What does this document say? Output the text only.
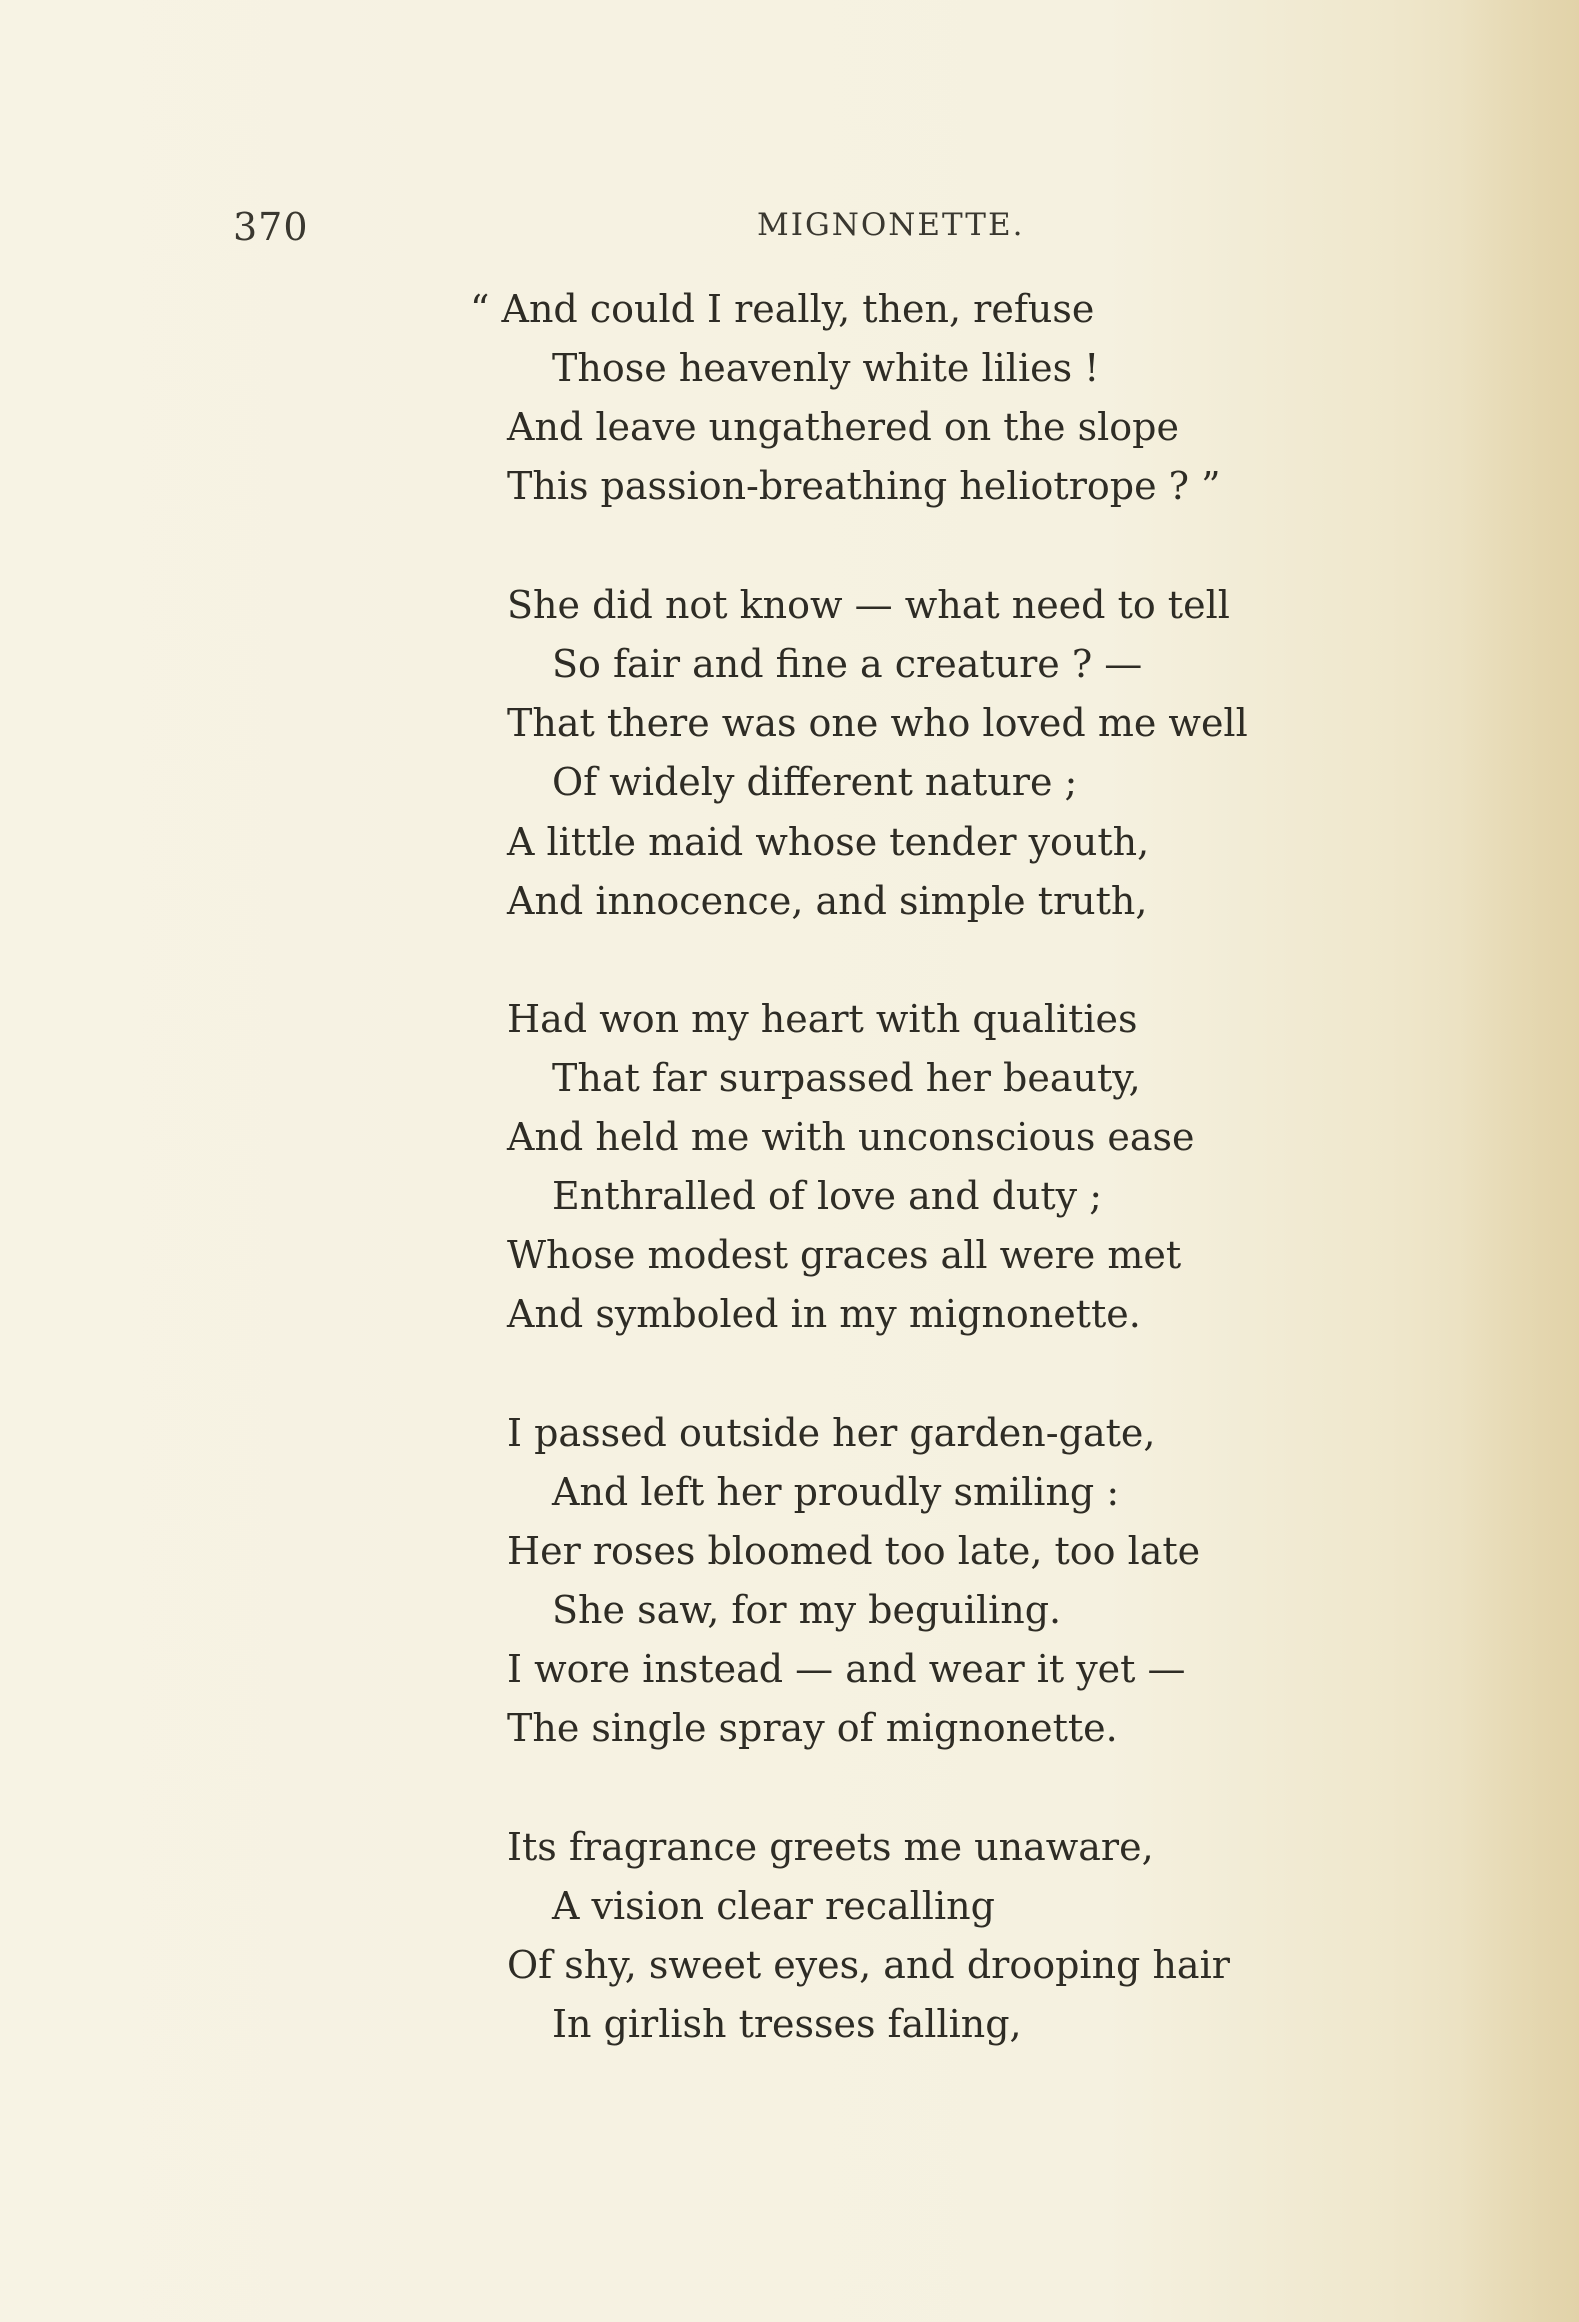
370	MIGNONETTE.
“ And could I really, then, refuse
Those heavenly white lilies !
And leave ungathered on the slope
This passion-breathing heliotrope ? ”
She did not know — what need to tell
So fair and fine a creature ? —
That there was one who loved me well
Of widely different nature ;
A little maid whose tender youth,
And innocence, and simple truth,
Had won my heart with qualities
That far surpassed her beauty,
And held me with unconscious ease
Enthralled of love and duty ;
Whose modest graces all were met
And symboled in my mignonette.
I passed outside her garden-gate,
And left her proudly smiling :
Her roses bloomed too late, too late
She saw, for my beguiling.
I wore instead — and wear it yet —
The single spray of mignonette.
Its fragrance greets me unaware,
A vision clear recalling
Of shy, sweet eyes, and drooping hair
In girlish tresses falling,
